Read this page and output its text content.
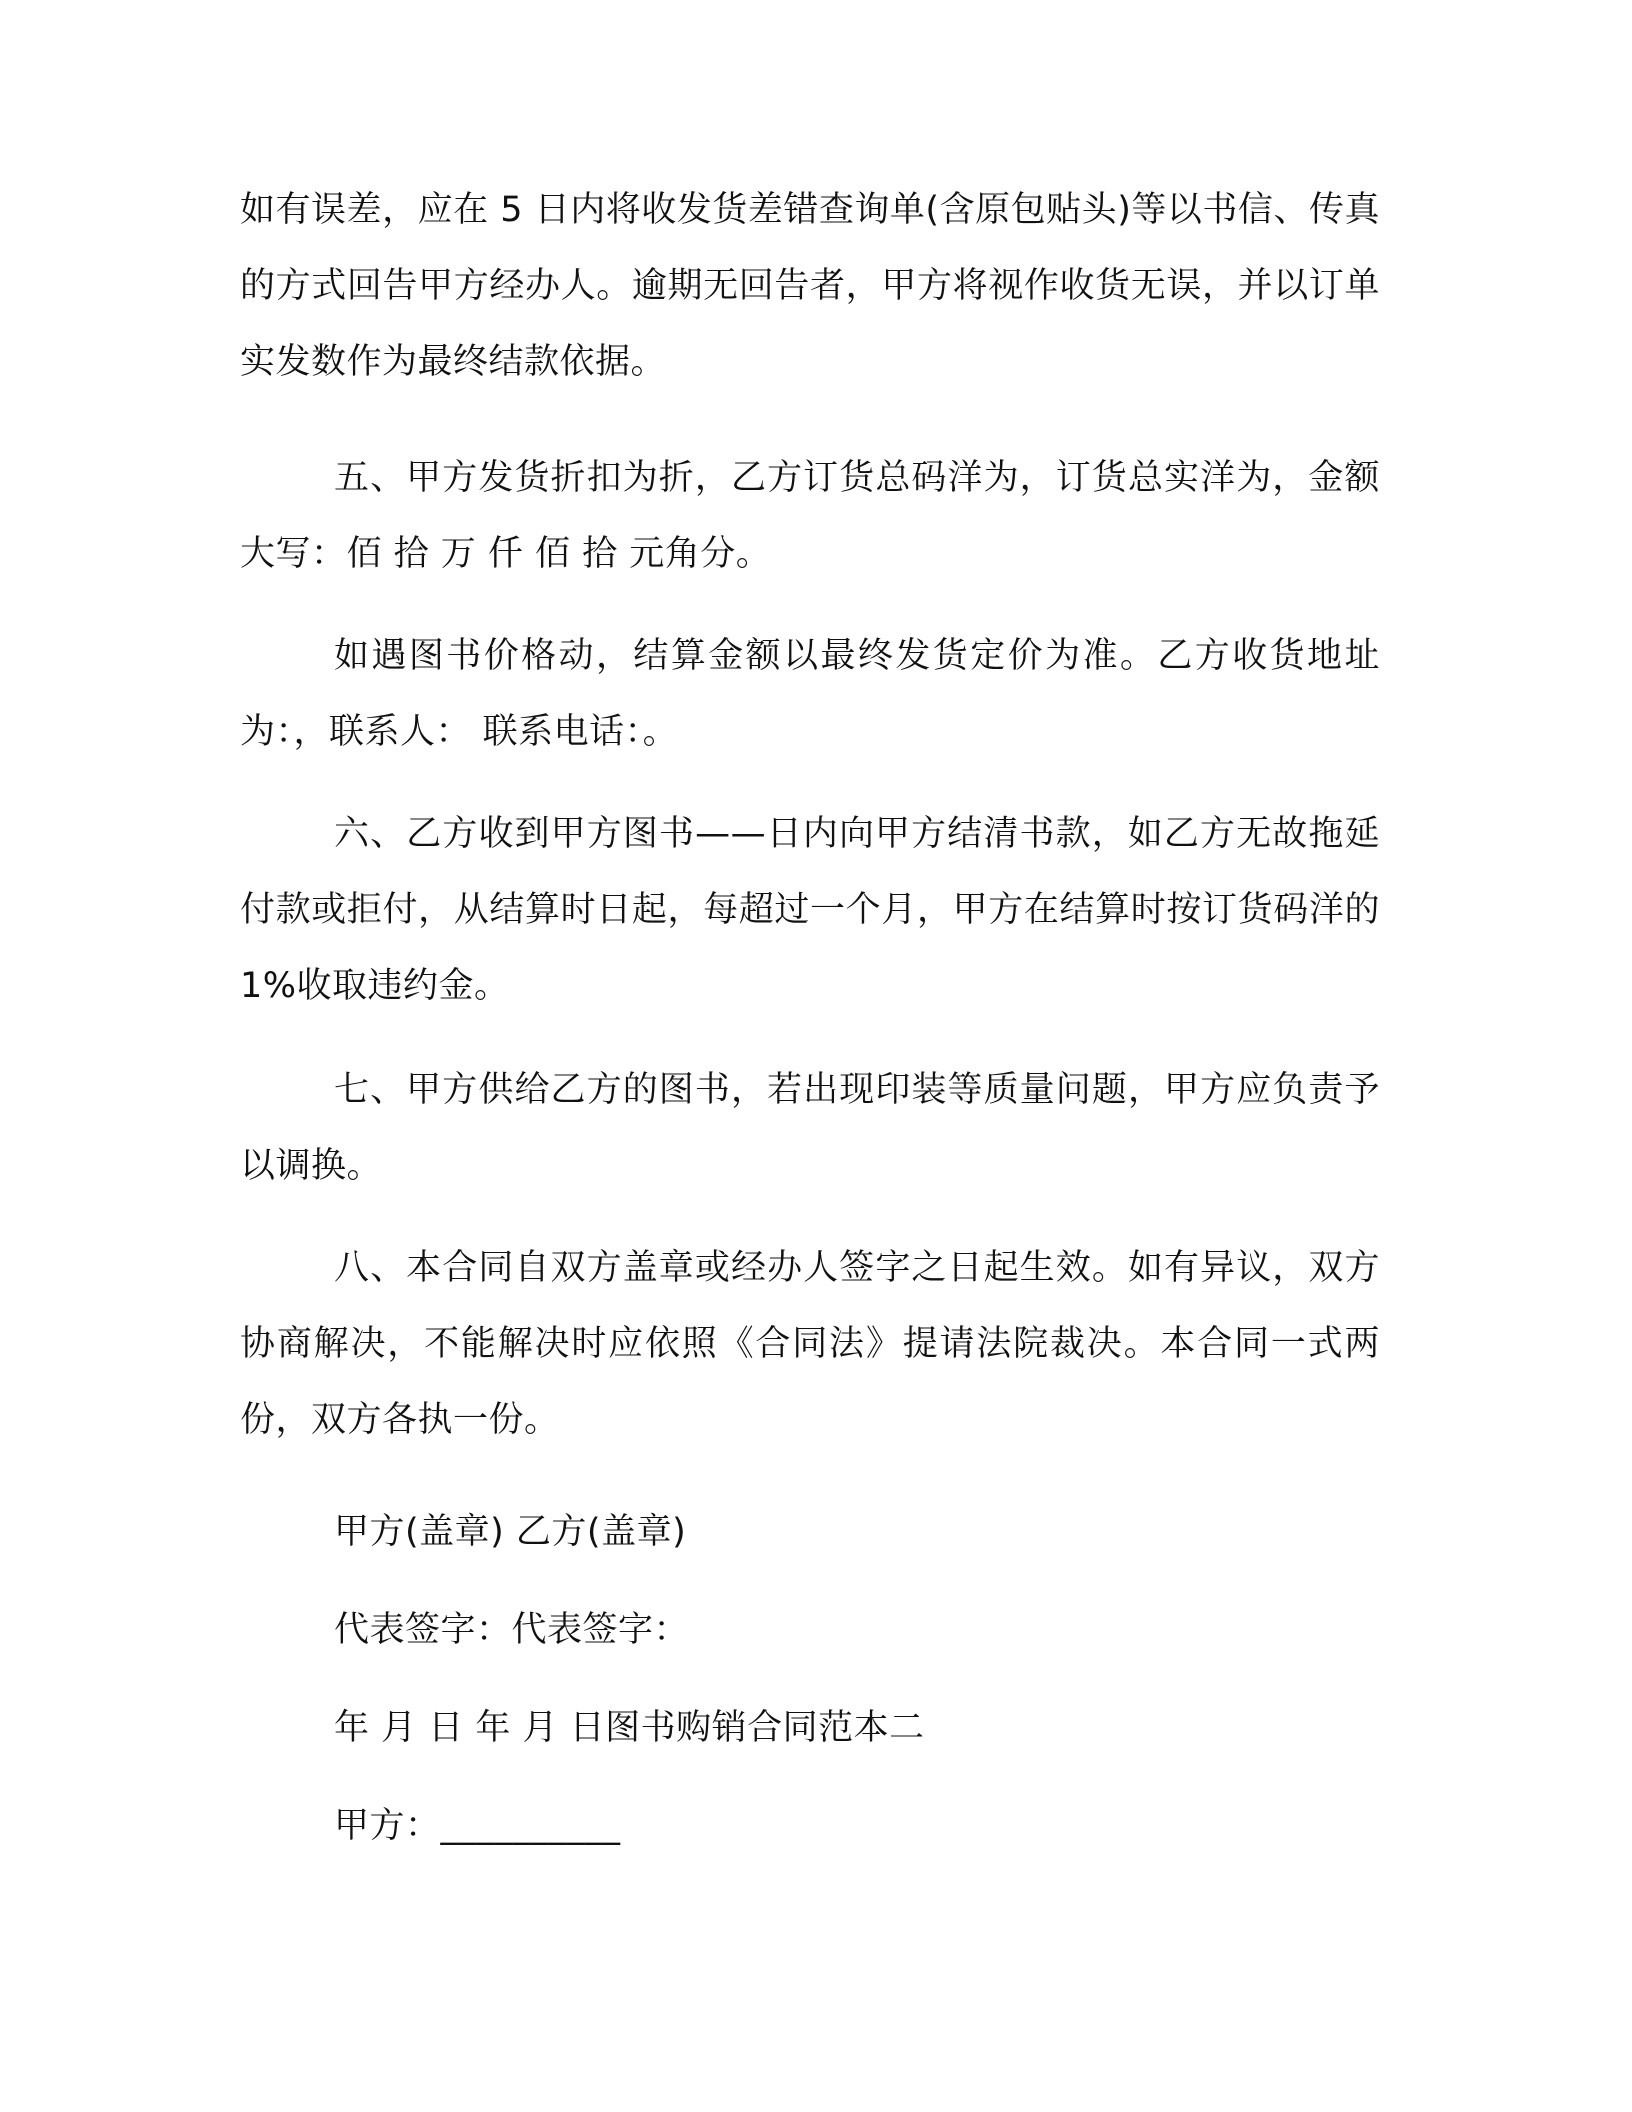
如有误差，应在 5 日内将收发货差错查询单(含原包贴头)等以书信、传真的方式回告甲方经办人。逾期无回告者，甲方将视作收货无误，并以订单实发数作为最终结款依据。

五、甲方发货折扣为折，乙方订货总码洋为，订货总实洋为，金额大写：佰 拾 万 仟 佰 拾 元角分。

如遇图书价格动，结算金额以最终发货定价为准。乙方收货地址为：，联系人： 联系电话：。

六、乙方收到甲方图书——日内向甲方结清书款，如乙方无故拖延付款或拒付，从结算时日起，每超过一个月，甲方在结算时按订货码洋的 1%收取违约金。

七、甲方供给乙方的图书，若出现印装等质量问题，甲方应负责予以调换。

八、本合同自双方盖章或经办人签字之日起生效。如有异议，双方协商解决，不能解决时应依照《合同法》提请法院裁决。本合同一式两份，双方各执一份。

甲方(盖章) 乙方(盖章)

代表签字：代表签字：

年 月 日 年 月 日图书购销合同范本二

甲方：__________
